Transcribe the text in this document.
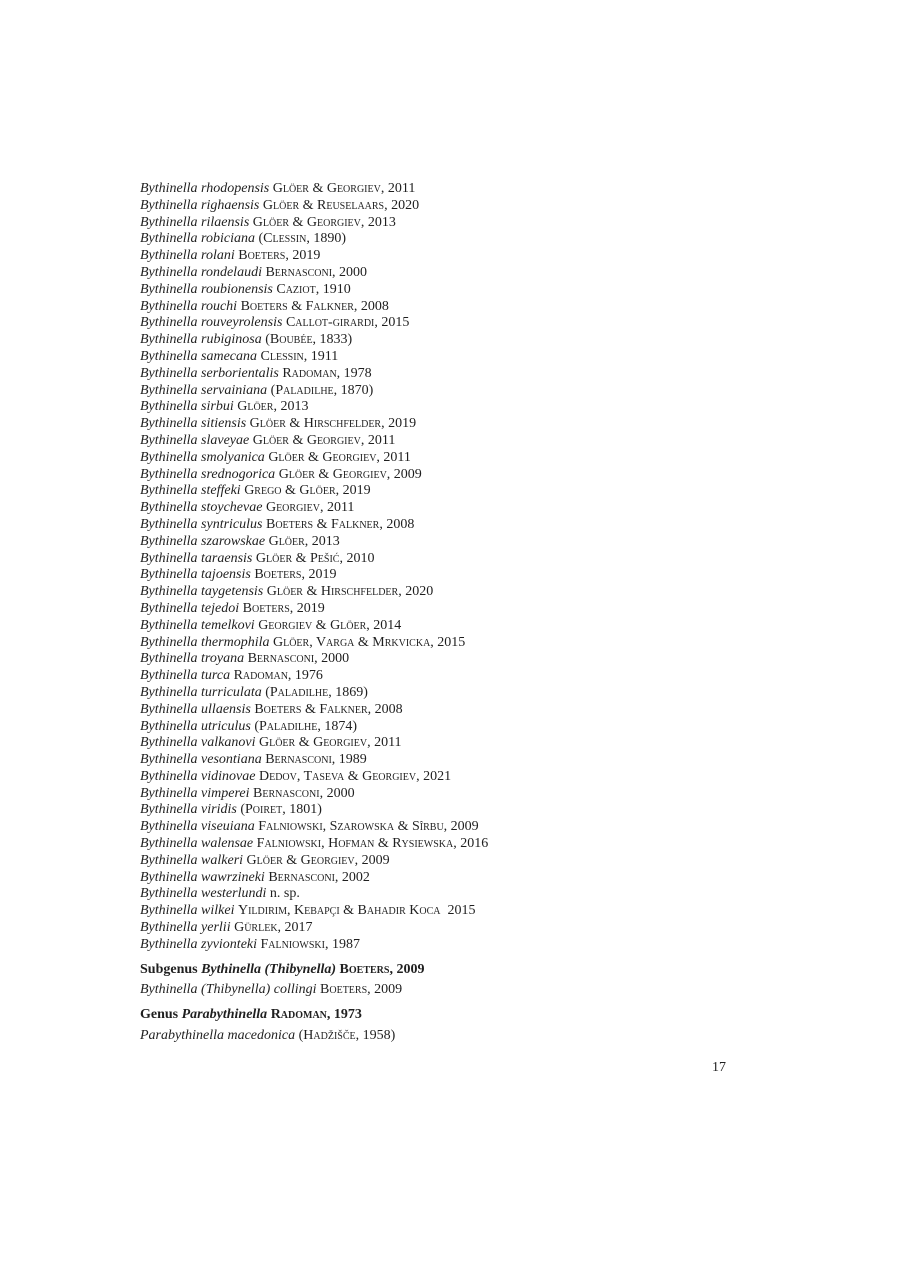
Bythinella rhodopensis Glöer & Georgiev, 2011
Bythinella righaensis Glöer & Reuselaars, 2020
Bythinella rilaensis Glöer & Georgiev, 2013
Bythinella robiciana (Clessin, 1890)
Bythinella rolani Boeters, 2019
Bythinella rondelaudi Bernasconi, 2000
Bythinella roubionensis Caziot, 1910
Bythinella rouchi Boeters & Falkner, 2008
Bythinella rouveyrolensis Callot-girardi, 2015
Bythinella rubiginosa (Boubée, 1833)
Bythinella samecana Clessin, 1911
Bythinella serborientalis Radoman, 1978
Bythinella servainiana (Paladilhe, 1870)
Bythinella sirbui Glöer, 2013
Bythinella sitiensis Glöer & Hirschfelder, 2019
Bythinella slaveyae Glöer & Georgiev, 2011
Bythinella smolyanica Glöer & Georgiev, 2011
Bythinella srednogorica Glöer & Georgiev, 2009
Bythinella steffeki Grego & Glöer, 2019
Bythinella stoychevae Georgiev, 2011
Bythinella syntriculus Boeters & Falkner, 2008
Bythinella szarowskae Glöer, 2013
Bythinella taraensis Glöer & Pešić, 2010
Bythinella tajoensis Boeters, 2019
Bythinella taygetensis Glöer & Hirschfelder, 2020
Bythinella tejedoi Boeters, 2019
Bythinella temelkovi Georgiev & Glöer, 2014
Bythinella thermophila Glöer, Varga & Mrkvicka, 2015
Bythinella troyana Bernasconi, 2000
Bythinella turca Radoman, 1976
Bythinella turriculata (Paladilhe, 1869)
Bythinella ullaensis Boeters & Falkner, 2008
Bythinella utriculus (Paladilhe, 1874)
Bythinella valkanovi Glöer & Georgiev, 2011
Bythinella vesontiana Bernasconi, 1989
Bythinella vidinovae Dedov, Taseva & Georgiev, 2021
Bythinella vimperei Bernasconi, 2000
Bythinella viridis (Poiret, 1801)
Bythinella viseuiana Falniowski, Szarowska & Sîrbu, 2009
Bythinella walensae Falniowski, Hofman & Rysiewska, 2016
Bythinella walkeri Glöer & Georgiev, 2009
Bythinella wawrzineki Bernasconi, 2002
Bythinella westerlundi n. sp.
Bythinella wilkei Yildirim, Kebapçi & Bahadir Koca  2015
Bythinella yerlii Gürlek, 2017
Bythinella zyvionteki Falniowski, 1987
Subgenus Bythinella (Thibynella) Boeters, 2009
Bythinella (Thibynella) collingi Boeters, 2009
Genus Parabythinella Radoman, 1973
Parabythinella macedonica (Hadžišče, 1958)
17
